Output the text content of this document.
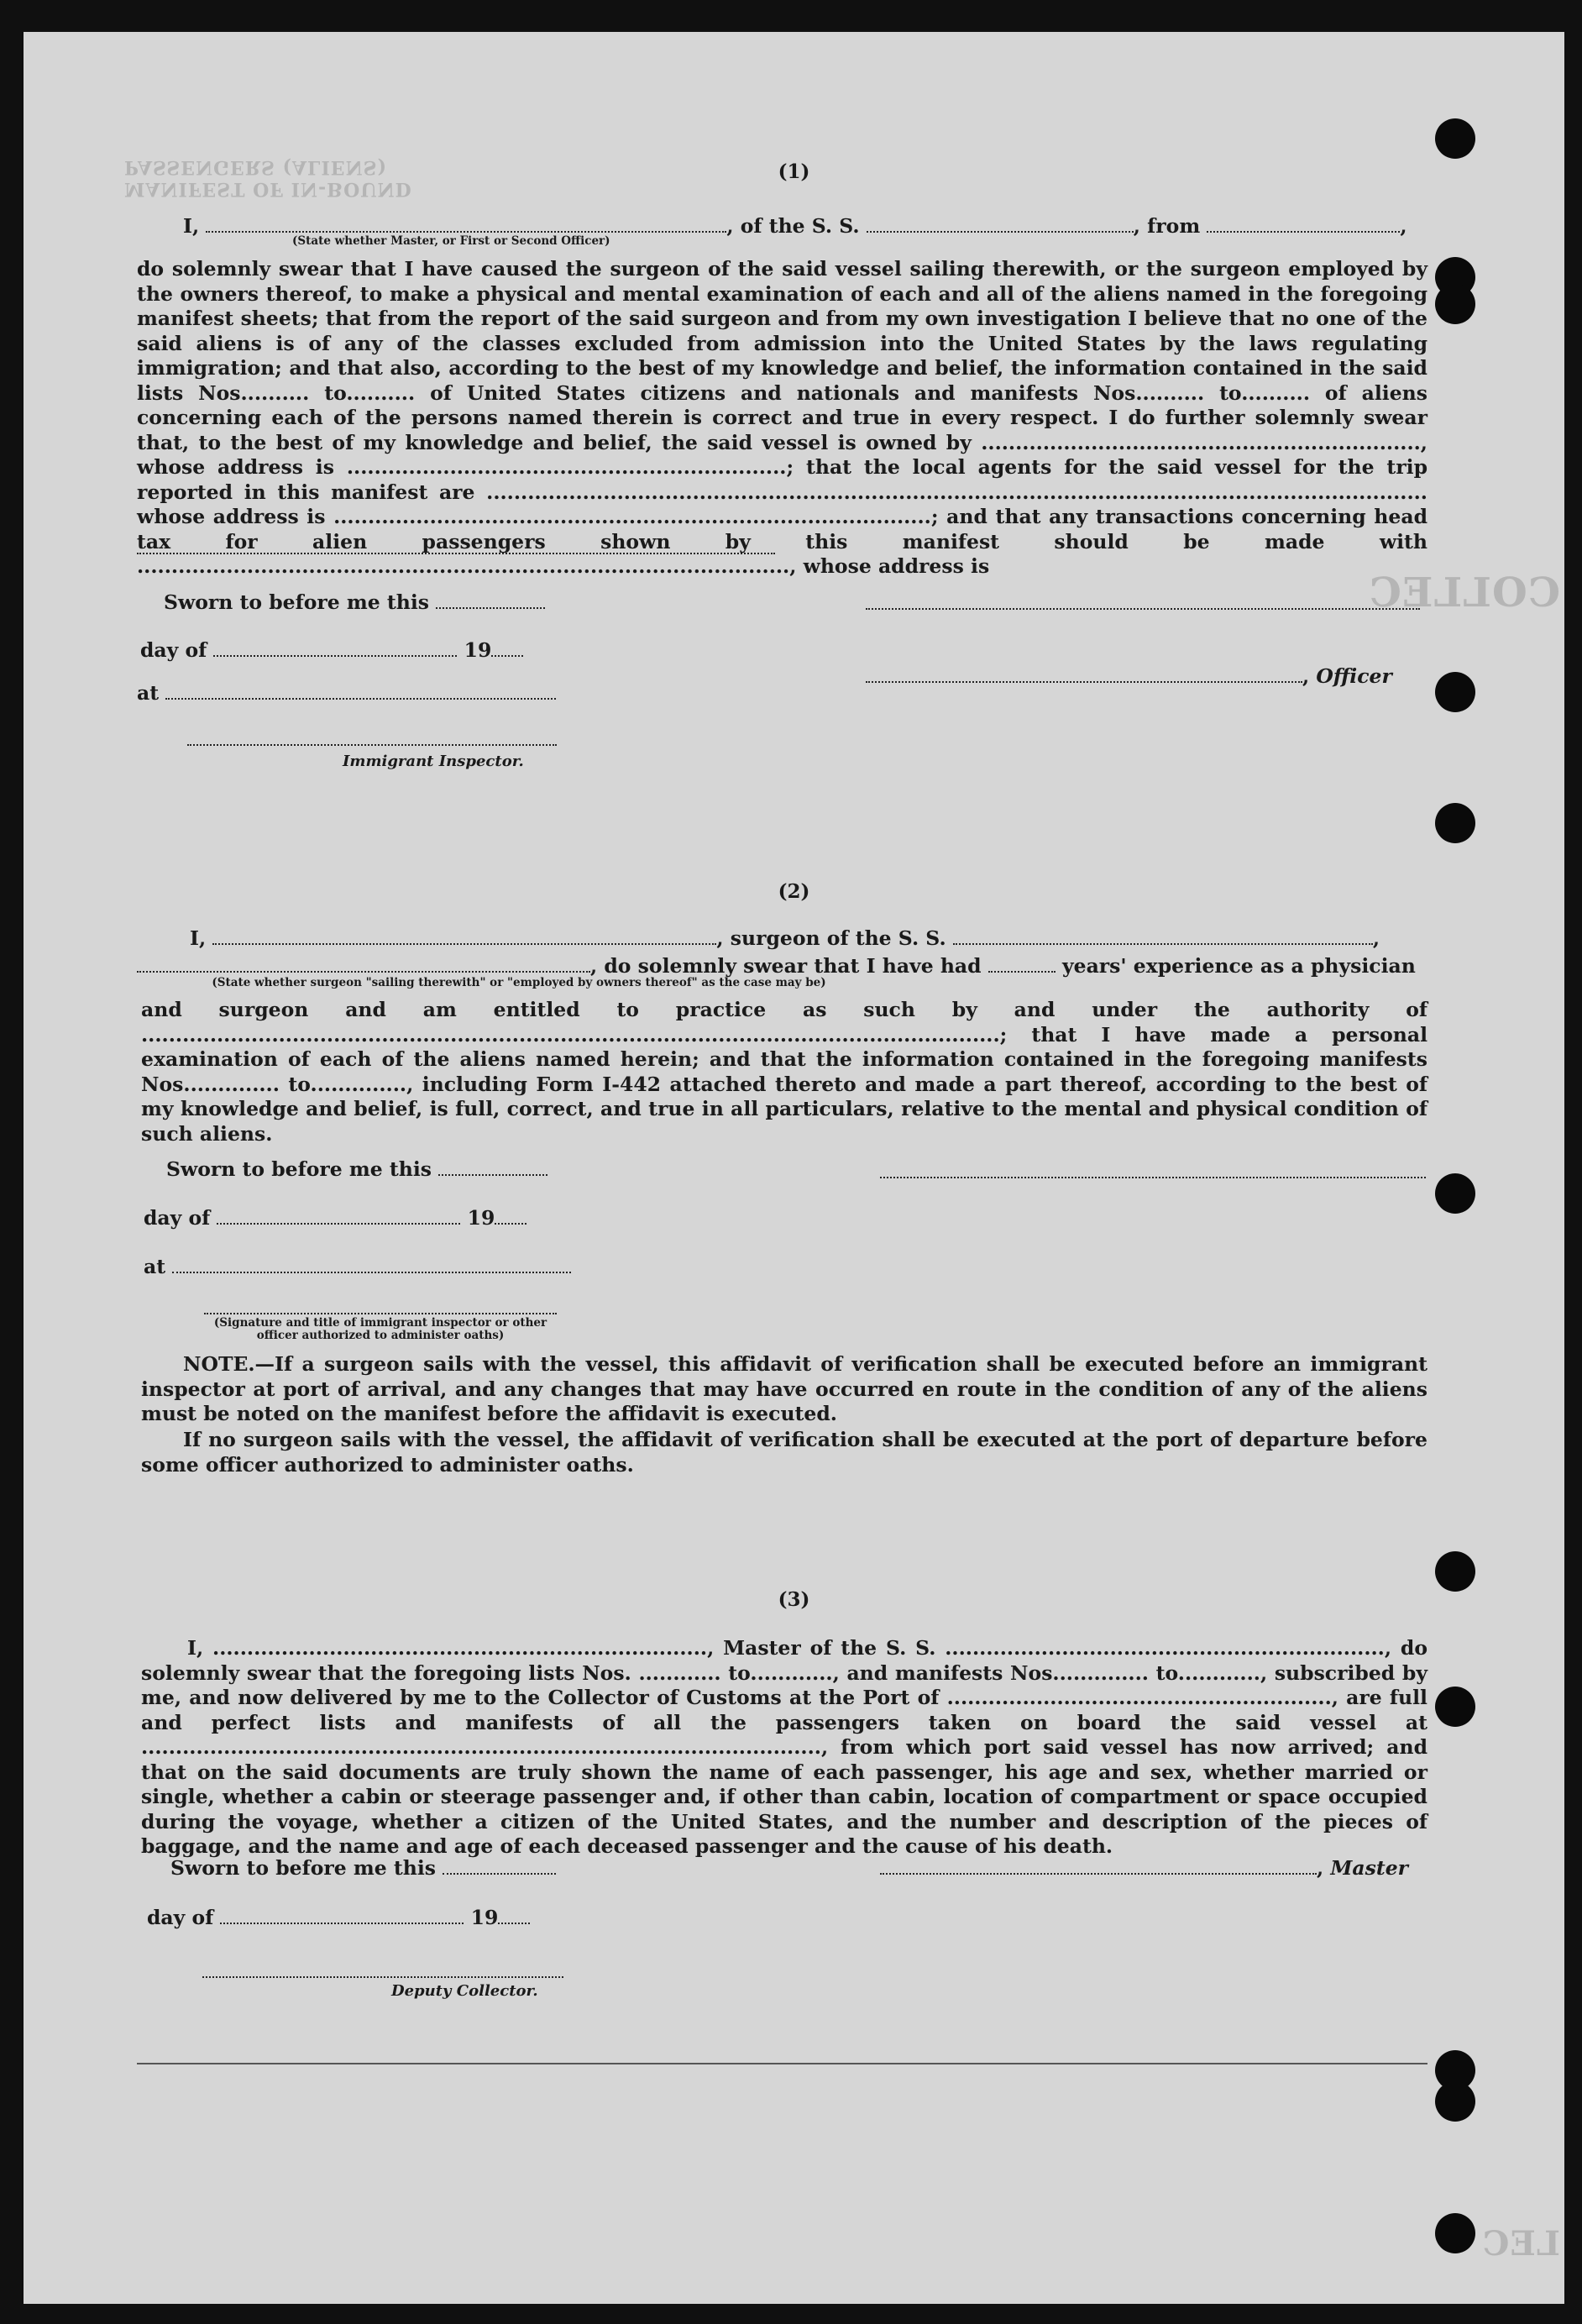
MANIFEST OF IN-BOUND PASSENGERS (ALIENS)
COLLEC
LEC
(1)
I,	, of the S. S.	, from	,
(State whether Master, or First or Second Officer)
do solemnly swear that I have caused the surgeon of the said vessel sailing therewith, or the surgeon employed by the owners thereof, to make a physical and mental examination of each and all of the aliens named in the foregoing manifest sheets; that from the report of the said surgeon and from my own investigation I believe that no one of the said aliens is of any of the classes excluded from admission into the United States by the laws regulating immigration; and that also, according to the best of my knowledge and belief, the information contained in the said lists Nos.......... to.......... of United States citizens and nationals and manifests Nos.......... to.......... of aliens concerning each of the persons named therein is correct and true in every respect. I do further solemnly swear that, to the best of my knowledge and belief, the said vessel is owned by ................................................................, whose address is ................................................................; that the local agents for the said vessel for the trip reported in this manifest are ......................................................................................................................................... whose address is .......................................................................................; and that any transactions concerning head tax for alien passengers shown by this manifest should be made with ..............................................................................................., whose address is
Sworn to before me this
day of	19
, Officer
at
Immigrant Inspector.
(2)
I,	, surgeon of the S. S.	,
, do solemnly swear that I have had	years' experience as a physician
(State whether surgeon "sailing therewith" or "employed by owners thereof" as the case may be)
and surgeon and am entitled to practice as such by and under the authority of .............................................................................................................................; that I have made a personal examination of each of the aliens named herein; and that the information contained in the foregoing manifests Nos.............. to.............., including Form I-442 attached thereto and made a part thereof, according to the best of my knowledge and belief, is full, correct, and true in all particulars, relative to the mental and physical condition of such aliens.
Sworn to before me this
day of	19
at
(Signature and title of immigrant inspector or other officer authorized to administer oaths)
NOTE.—If a surgeon sails with the vessel, this affidavit of verification shall be executed before an immigrant inspector at port of arrival, and any changes that may have occurred en route in the condition of any of the aliens must be noted on the manifest before the affidavit is executed.
If no surgeon sails with the vessel, the affidavit of verification shall be executed at the port of departure before some officer authorized to administer oaths.
(3)
I, ........................................................................, Master of the S. S. ................................................................, do solemnly swear that the foregoing lists Nos. ............ to............, and manifests Nos.............. to............, subscribed by me, and now delivered by me to the Collector of Customs at the Port of ........................................................, are full and perfect lists and manifests of all the passengers taken on board the said vessel at ..................................................................................................., from which port said vessel has now arrived; and that on the said documents are truly shown the name of each passenger, his age and sex, whether married or single, whether a cabin or steerage passenger and, if other than cabin, location of compartment or space occupied during the voyage, whether a citizen of the United States, and the number and description of the pieces of baggage, and the name and age of each deceased passenger and the cause of his death.
Sworn to before me this	, Master
day of	19
Deputy Collector.
